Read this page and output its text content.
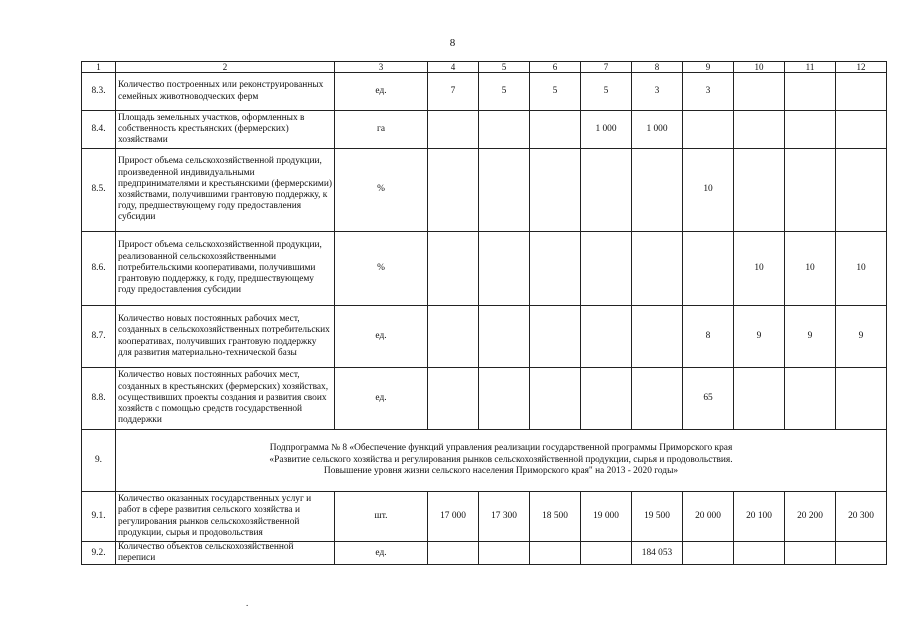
8
1	2	3	4	5	6	7	8	9	10	11	12
8.3.	Количество построенных или реконструированных семейных животноводческих ферм	ед.	7	5	5	5	3	3			
8.4.	Площадь земельных участков, оформленных в собственность крестьянских (фермерских) хозяйствами	га				1 000	1 000				
8.5.	Прирост объема сельскохозяйственной продукции, произведенной индивидуальными предпринимателями и крестьянскими (фермерскими) хозяйствами, получившими грантовую поддержку, к году, предшествующему году предоставления субсидии	%						10			
8.6.	Прирост объема сельскохозяйственной продукции, реализованной сельскохозяйственными потребительскими кооперативами, получившими грантовую поддержку, к году, предшествующему году предоставления субсидии	%							10	10	10
8.7.	Количество новых постоянных рабочих мест, созданных в сельскохозяйственных потребительских кооперативах, получивших грантовую поддержку для развития материально-технической базы	ед.						8	9	9	9
8.8.	Количество новых постоянных рабочих мест, созданных в крестьянских (фермерских) хозяйствах, осуществивших проекты создания и развития своих хозяйств с помощью средств государственной поддержки	ед.						65			
9.	Подпрограмма № 8 «Обеспечение функций управления реализации государственной программы Приморского края
«Развитие сельского хозяйства и регулирования рынков сельскохозяйственной продукции, сырья и продовольствия.
Повышение уровня жизни сельского населения Приморского края" на 2013 - 2020 годы»										

9.1.	Количество оказанных государственных услуг и работ в сфере развития сельского хозяйства и регулирования рынков сельскохозяйственной продукции, сырья и продовольствия	шт.	17 000	17 300	18 500	19 000	19 500	20 000	20 100	20 200	20 300
9.2.	Количество объектов сельскохозяйственной переписи	ед.					184 053				
.
